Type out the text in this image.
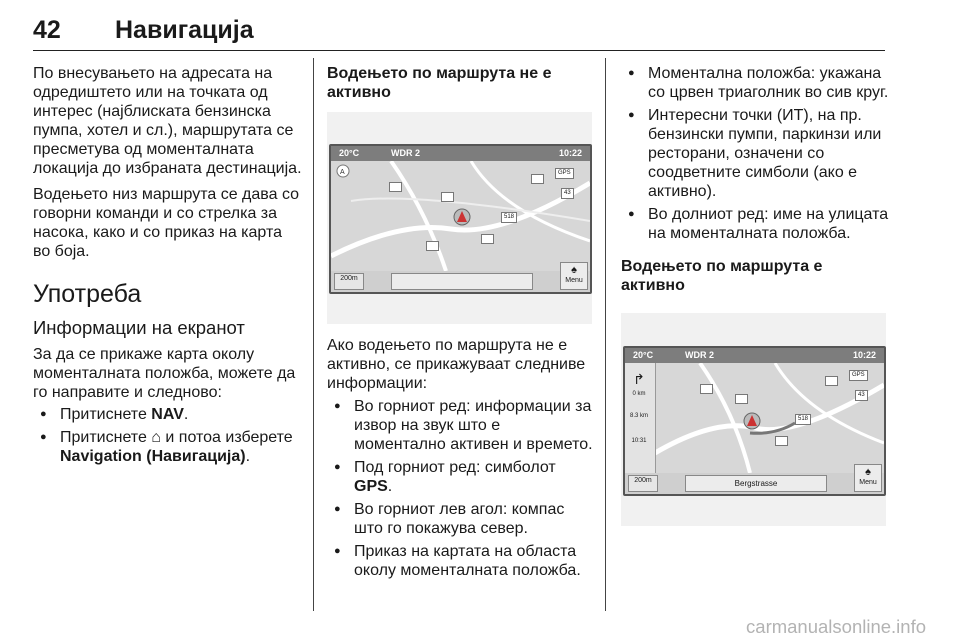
42 Навигација

По внесувањето на адресата на одредиштето или на точката од интерес (најблиската бензинска пумпа, хотел и сл.), маршрутата се пресметува од моменталната локација до избраната дестинација.

Водењето низ маршрута се дава со говорни команди и со стрелка за насока, како и со приказ на карта во боја.

Употреба
Информации на екранот

За да се прикаже карта околу моменталната положба, можете да го направите и следново:

● Притиснете NAV.
● Притиснете ⌂ и потоа изберете Navigation (Навигација).

Водењето по маршрута не е активно

20°C	WDR 2	10:22
A	GPS
43
518
200m
♠
Menu

Ако водењето по маршрута не е активно, се прикажуваат следниве информации:

● Во горниот ред: информации за извор на звук што е моментално активен и времето.
● Под горниот ред: симболот GPS.
● Во горниот лев агол: компас што го покажува север.
● Приказ на картата на областа околу моменталната положба.
● Моментална положба: укажана со црвен триаголник во сив круг.
● Интересни точки (ИТ), на пр. бензински пумпи, паркинзи или ресторани, означени со соодветните симболи (ако е активно).
● Во долниот ред: име на улицата на моменталната положба.

Водењето по маршрута е активно

20°C	WDR 2	10:22
↱
0 km
8.3 km
10:31
GPS
43
518
200m	Bergstrasse
♠
Menu
carmanualsonline.info
